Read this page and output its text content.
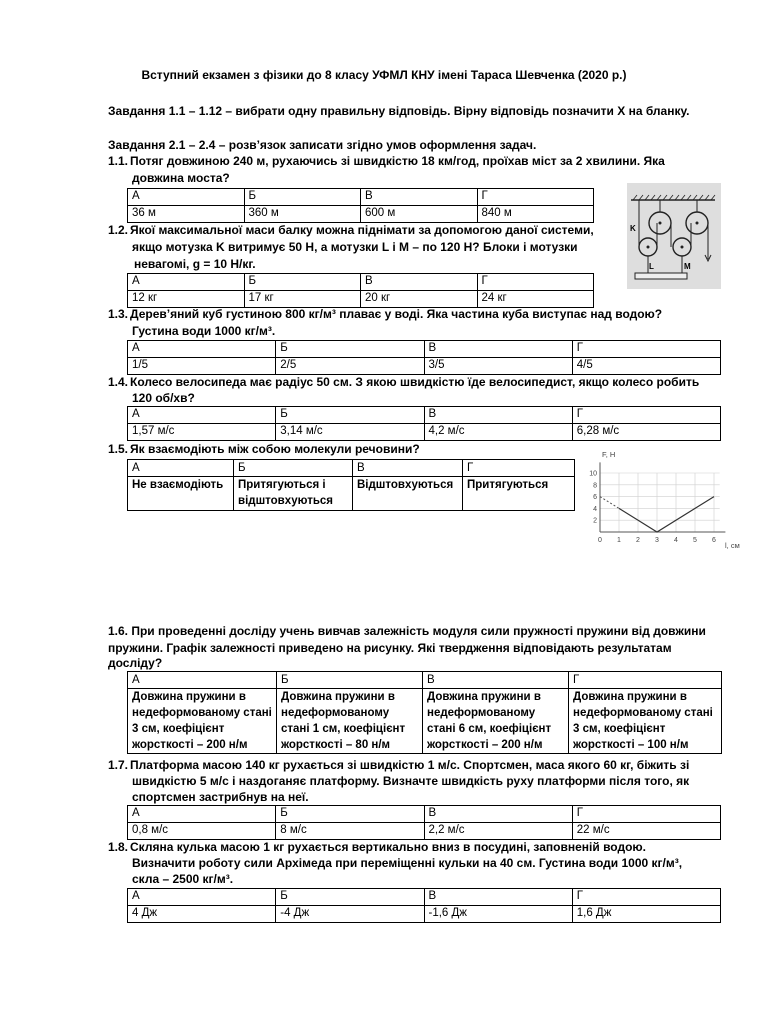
Вступний екзамен з фізики до 8 класу УФМЛ КНУ імені Тараса Шевченка (2020 р.)
Завдання 1.1 – 1.12 – вибрати одну правильну відповідь. Вірну відповідь позначити Х на бланку.
Завдання 2.1 – 2.4 – розв’язок записати згідно умов оформлення задач.
1.1. Потяг довжиною 240 м, рухаючись зі швидкістю 18 км/год, проїхав міст за 2 хвилини. Яка
довжина моста?
А	Б	В	Г
36 м	360 м	600 м	840 м
K
L	M
1.2. Якої максимальної маси балку можна піднімати за допомогою даної системи,
якщо мотузка K витримує 50 Н, а мотузки L і M – по 120 Н? Блоки і мотузки
невагомі, g = 10 Н/кг.
А	Б	В	Г
12 кг	17 кг	20 кг	24 кг
1.3. Дерев’яний куб густиною 800 кг/м³ плаває у воді. Яка частина куба виступає над водою?
Густина води 1000 кг/м³.
А	Б	В	Г
1/5	2/5	3/5	4/5
1.4. Колесо велосипеда має радіус 50 см. З якою швидкістю їде велосипедист, якщо колесо робить
120 об/хв?
А	Б	В	Г
1,57 м/с	3,14 м/с	4,2 м/с	6,28 м/с
1.5. Як взаємодіють між собою молекули речовини?
А	Б	В	Г
Не взаємодіють	Притягуються і відштовхуються	Відштовхуються	Притягуються
10
8
6
4
2
0 1 2 3 4 5 6
F, Н
l, см
1.6. При проведенні досліду учень вивчав залежність модуля сили пружності пружини від довжини
пружини. Графік залежності приведено на рисунку. Які твердження відповідають результатам
досліду?
А	Б	В	Г
Довжина пружини в недеформованому стані 3 см, коефіцієнт жорсткості – 200 н/м	Довжина пружини в недеформованому стані 1 см, коефіцієнт жорсткості – 80 н/м	Довжина пружини в недеформованому стані 6 см, коефіцієнт жорсткості – 200 н/м	Довжина пружини в недеформованому стані 3 см, коефіцієнт жорсткості – 100 н/м
1.7. Платформа масою 140 кг рухається зі швидкістю 1 м/с. Спортсмен, маса якого 60 кг, біжить зі
швидкістю 5 м/с і наздоганяє платформу. Визначте швидкість руху платформи після того, як
спортсмен застрибнув на неї.
А	Б	В	Г
0,8 м/с	8 м/с	2,2 м/с	22 м/с
1.8. Скляна кулька масою 1 кг рухається вертикально вниз в посудині, заповненій водою.
Визначити роботу сили Архімеда при переміщенні кульки на 40 см. Густина води 1000 кг/м³,
скла – 2500 кг/м³.
А	Б	В	Г
4 Дж	-4 Дж	-1,6 Дж	1,6 Дж
